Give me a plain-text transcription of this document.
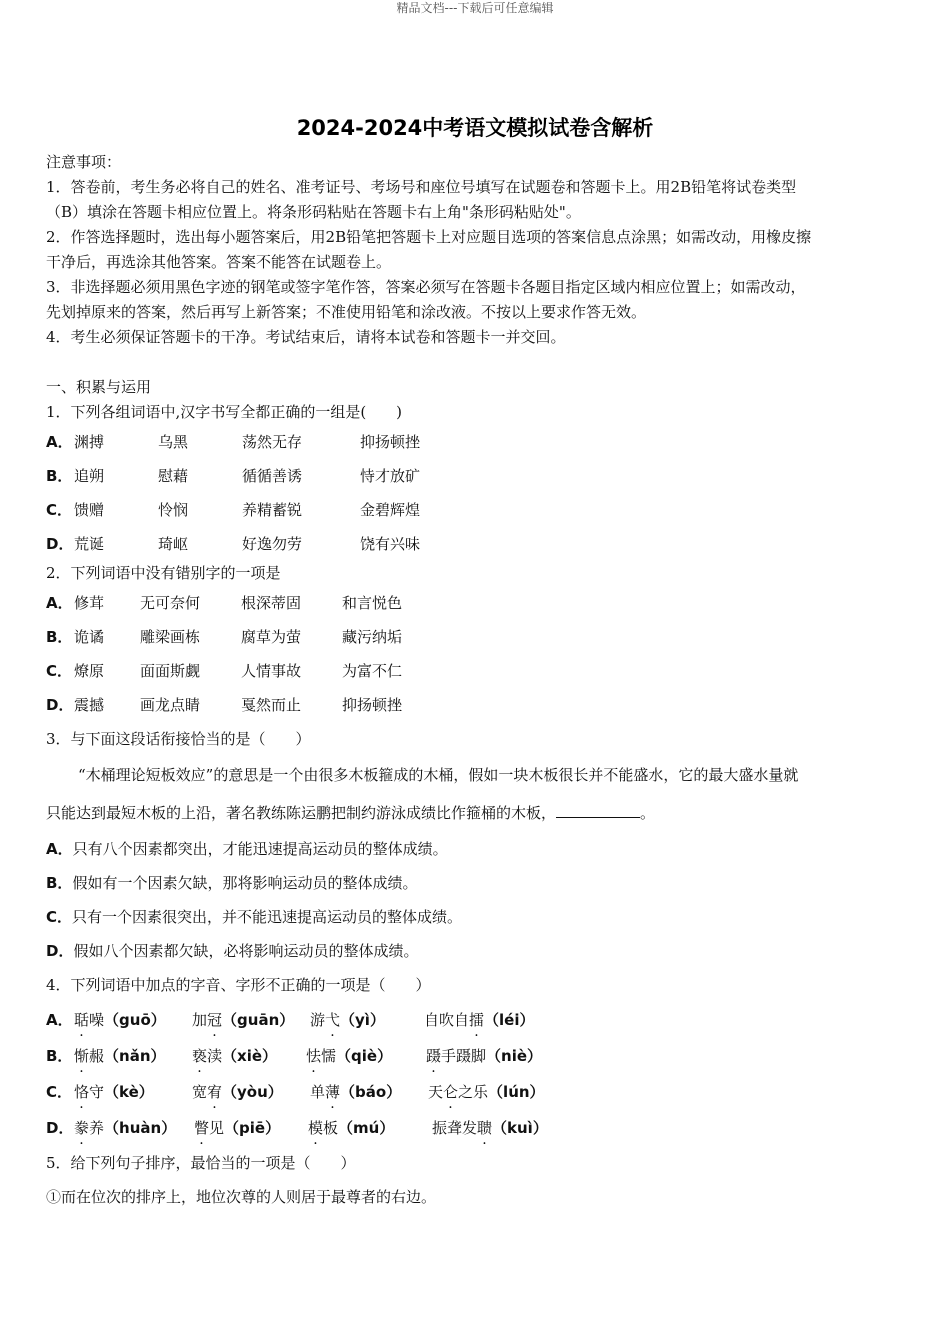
精品文档---下载后可任意编辑
2024-2024中考语文模拟试卷含解析
注意事项：
1．答卷前，考生务必将自己的姓名、准考证号、考场号和座位号填写在试题卷和答题卡上。用2B铅笔将试卷类型
（B）填涂在答题卡相应位置上。将条形码粘贴在答题卡右上角"条形码粘贴处"。
2．作答选择题时，选出每小题答案后，用2B铅笔把答题卡上对应题目选项的答案信息点涂黑；如需改动，用橡皮擦
干净后，再选涂其他答案。答案不能答在试题卷上。
3．非选择题必须用黑色字迹的钢笔或签字笔作答，答案必须写在答题卡各题目指定区域内相应位置上；如需改动，
先划掉原来的答案，然后再写上新答案；不准使用铅笔和涂改液。不按以上要求作答无效。
4．考生必须保证答题卡的干净。考试结束后，请将本试卷和答题卡一并交回。
一、积累与运用
1．下列各组词语中,汉字书写全都正确的一组是(　　)
A．渊搏	乌黑	荡然无存	抑扬顿挫
B． 追朔	慰藉	循循善诱	恃才放矿
C． 馈赠	怜悯	养精蓄锐	金碧辉煌
D．荒诞	琦岖	好逸勿劳	饶有兴味
2．下列词语中没有错别字的一项是
A．修茸 无可奈何	根深蒂固	和言悦色
B． 诡谲 雕梁画栋	腐草为萤	藏污纳垢
C． 燎原 面面斯觑	人情事故	为富不仁
D．震撼 画龙点睛	戛然而止	抑扬顿挫
3．与下面这段话衔接恰当的是（　　）
“木桶理论短板效应”的意思是一个由很多木板箍成的木桶，假如一块木板很长并不能盛水，它的最大盛水量就
只能达到最短木板的上沿，著名教练陈运鹏把制约游泳成绩比作箍桶的木板，	。
A．只有八个因素都突出，才能迅速提高运动员的整体成绩。
B．假如有一个因素欠缺，那将影响运动员的整体成绩。
C．只有一个因素很突出，并不能迅速提高运动员的整体成绩。
D．假如八个因素都欠缺，必将影响运动员的整体成绩。
4．下列词语中加点的字音、字形不正确的一项是（　　）
A．聒噪（guō） 加冠（guān） 游弋（yì）	自吹自擂（léi）
B． 惭赧（nǎn） 亵渎（xiè） 怯懦（qiè） 蹑手蹑脚（niè）
C． 恪守（kè）	宽宥（yòu） 单薄（báo） 天仑之乐（lún）
D．豢养（huàn） 瞥见（piē） 模板（mú）	振聋发聩（kuì）
5．给下列句子排序，最恰当的一项是（　　）
①而在位次的排序上，地位次尊的人则居于最尊者的右边。
